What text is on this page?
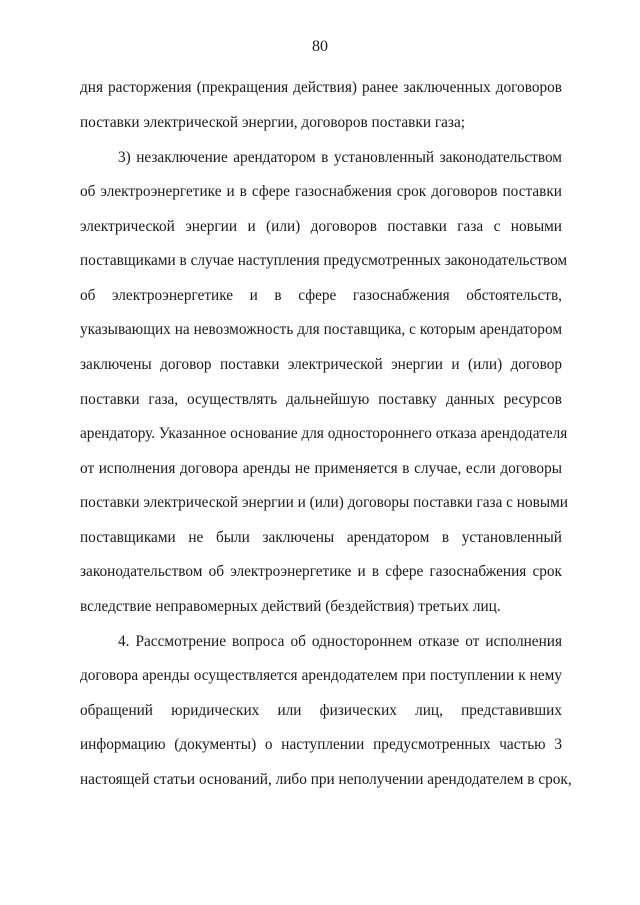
80
дня расторжения (прекращения действия) ранее заключенных договоров
поставки электрической энергии, договоров поставки газа;
3) незаключение арендатором в установленный законодательством
об электроэнергетике и в сфере газоснабжения срок договоров поставки
электрической энергии и (или) договоров поставки газа с новыми
поставщиками в случае наступления предусмотренных законодательством
об электроэнергетике и в сфере газоснабжения обстоятельств,
указывающих на невозможность для поставщика, с которым арендатором
заключены договор поставки электрической энергии и (или) договор
поставки газа, осуществлять дальнейшую поставку данных ресурсов
арендатору. Указанное основание для одностороннего отказа арендодателя
от исполнения договора аренды не применяется в случае, если договоры
поставки электрической энергии и (или) договоры поставки газа с новыми
поставщиками не были заключены арендатором в установленный
законодательством об электроэнергетике и в сфере газоснабжения срок
вследствие неправомерных действий (бездействия) третьих лиц.
4. Рассмотрение вопроса об одностороннем отказе от исполнения
договора аренды осуществляется арендодателем при поступлении к нему
обращений юридических или физических лиц, представивших
информацию (документы) о наступлении предусмотренных частью 3
настоящей статьи оснований, либо при неполучении арендодателем в срок,
